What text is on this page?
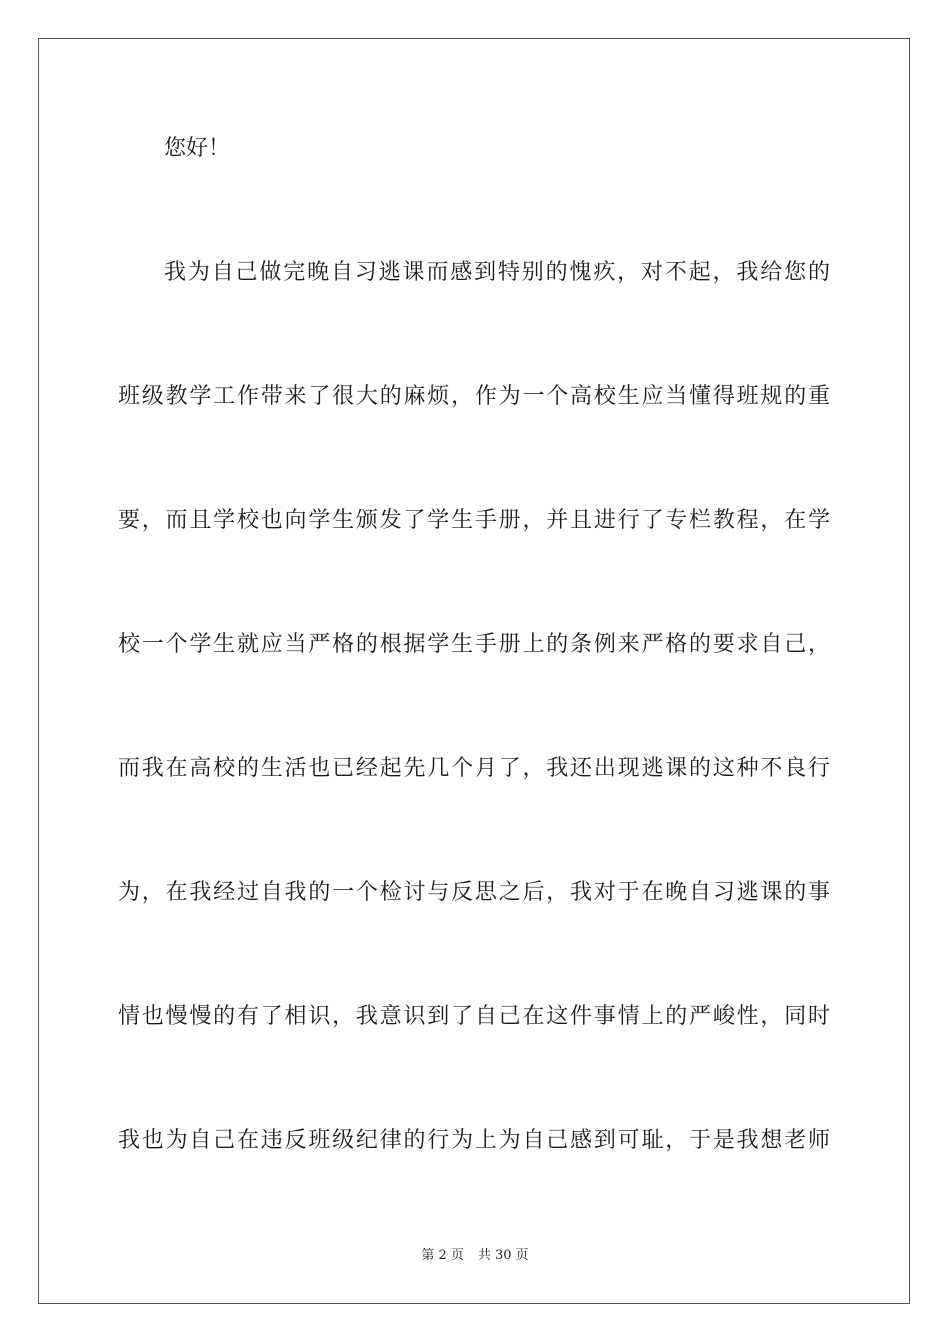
您好！
我为自己做完晚自习逃课而感到特别的愧疚，对不起，我给您的
班级教学工作带来了很大的麻烦，作为一个高校生应当懂得班规的重
要，而且学校也向学生颁发了学生手册，并且进行了专栏教程，在学
校一个学生就应当严格的根据学生手册上的条例来严格的要求自己，
而我在高校的生活也已经起先几个月了，我还出现逃课的这种不良行
为，在我经过自我的一个检讨与反思之后，我对于在晚自习逃课的事
情也慢慢的有了相识，我意识到了自己在这件事情上的严峻性，同时
我也为自己在违反班级纪律的行为上为自己感到可耻，于是我想老师
第 2 页 共 30 页
